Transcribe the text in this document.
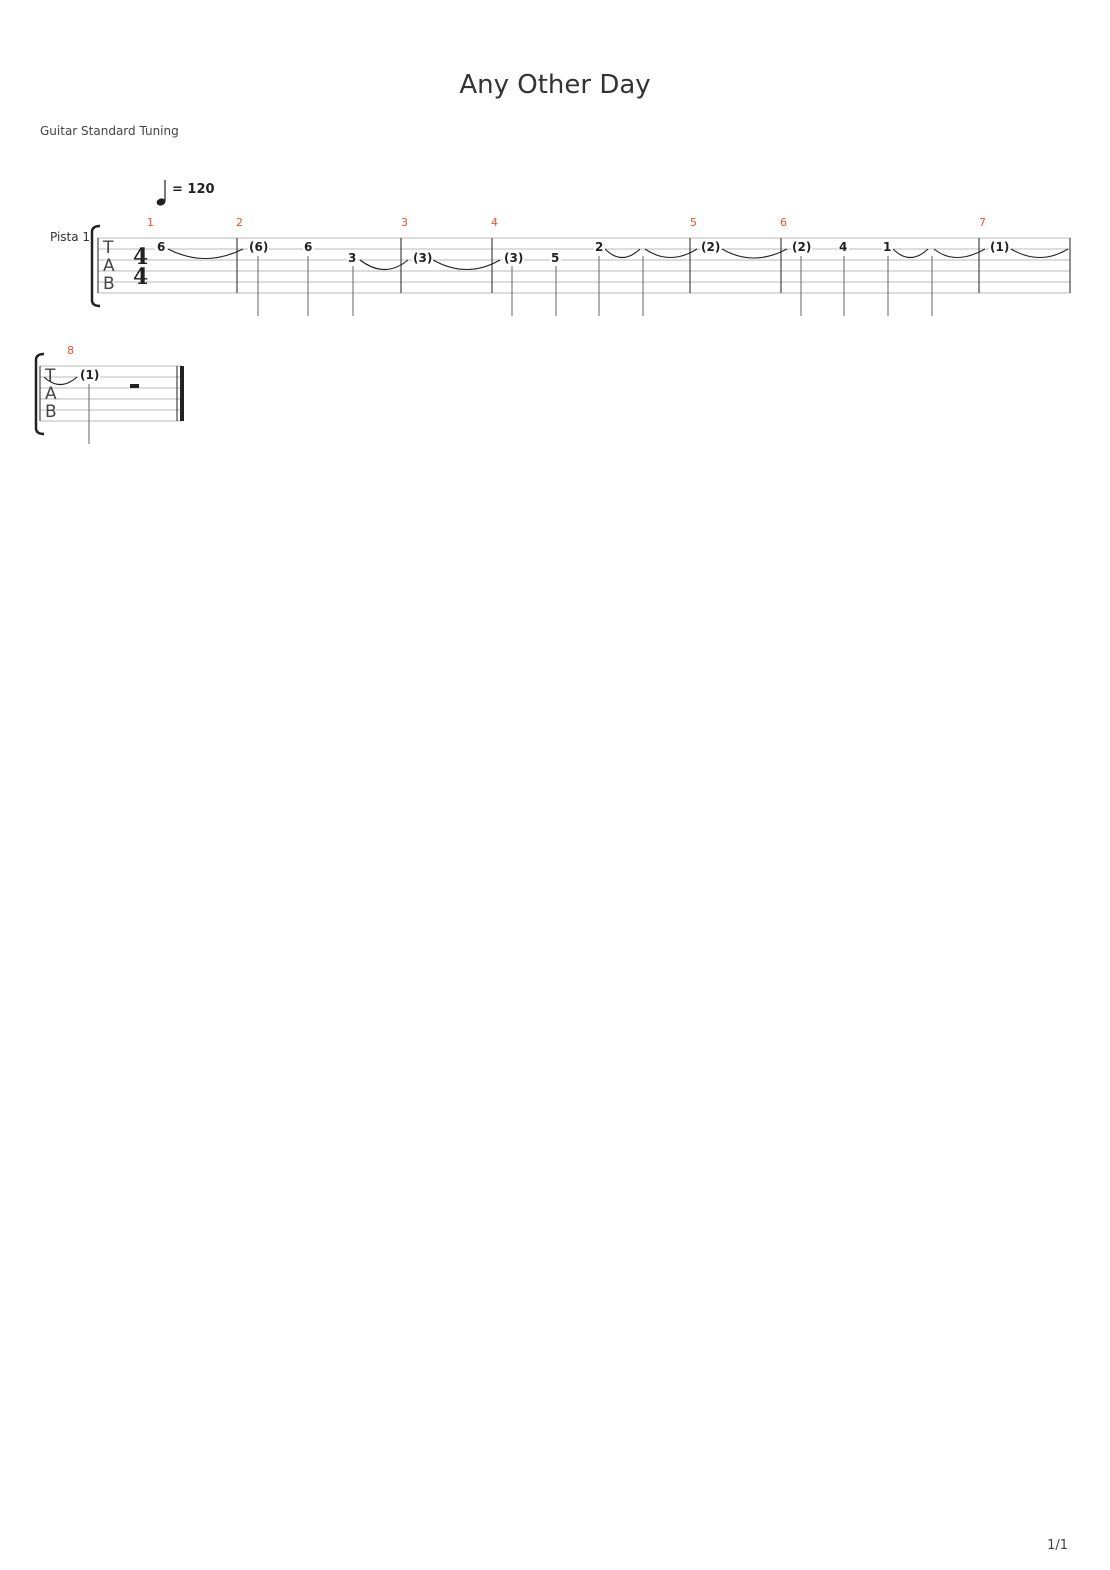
Any Other Day
Guitar Standard Tuning
= 120
Pista 1
T
A
B
4
4
1	2	3	4	5	6	7
6	(6)	6
3	(3)	(3) 5
2	(2)	(2) 4	1	(1)
T
A
B
8
(1)
1/1
